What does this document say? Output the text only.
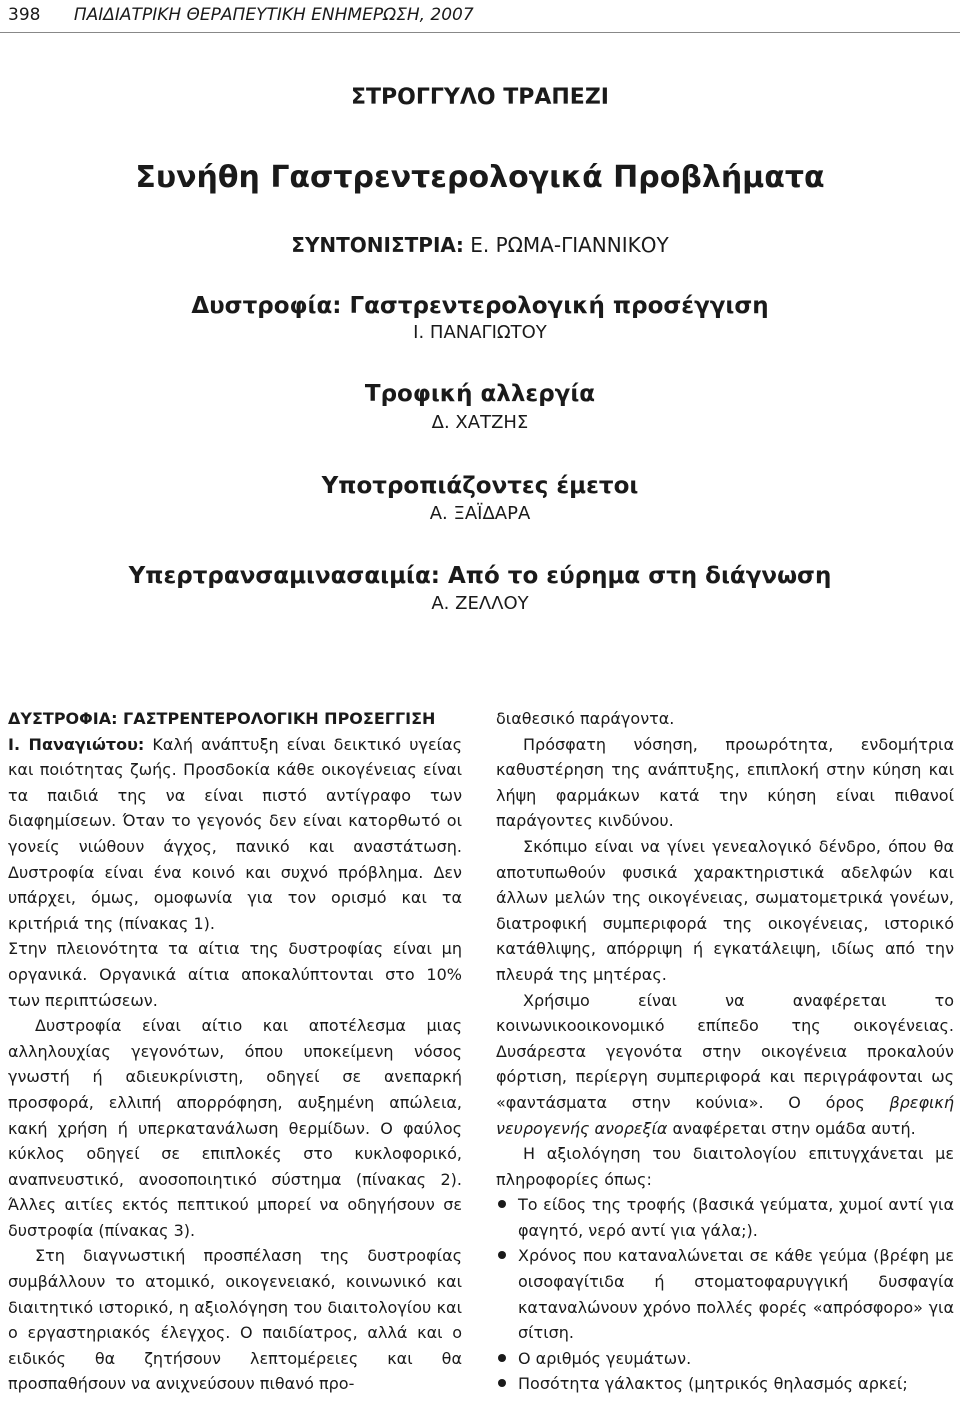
398 ΠΑΙΔΙΑΤΡΙΚΗ ΘΕΡΑΠΕΥΤΙΚΗ ΕΝΗΜΕΡΩΣΗ, 2007
ΣΤΡΟΓΓΥΛΟ ΤΡΑΠΕΖΙ
Συνήθη Γαστρεντερολογικά Προβλήματα
ΣΥΝΤΟΝΙΣΤΡΙΑ: Ε. ΡΩΜΑ-ΓΙΑΝΝΙΚΟΥ
Δυστροφία: Γαστρεντερολογική προσέγγιση
Ι. ΠΑΝΑΓΙΩΤΟΥ
Τροφική αλλεργία
Δ. ΧΑΤΖΗΣ
Υποτροπιάζοντες έμετοι
Α. ΞΑΪΔΑΡΑ
Υπερτρανσαμινασαιμία: Από το εύρημα στη διάγνωση
Α. ΖΕΛΛΟΥ

ΔΥΣΤΡΟΦΙΑ: ΓΑΣΤΡΕΝΤΕΡΟΛΟΓΙΚΗ ΠΡΟΣΕΓΓΙΣΗ

Ι. Παναγιώτου: Καλή ανάπτυξη είναι δεικτικό υγείας και ποιότητας ζωής. Προσδοκία κάθε οικογένειας είναι τα παιδιά της να είναι πιστό αντίγραφο των διαφημίσεων. Όταν το γεγονός δεν είναι κατορθωτό οι γονείς νιώθουν άγχος, πανικό και αναστάτωση. Δυστροφία είναι ένα κοινό και συχνό πρόβλημα. Δεν υπάρχει, όμως, ομοφωνία για τον ορισμό και τα κριτήριά της (πίνακας 1).

Στην πλειονότητα τα αίτια της δυστροφίας είναι μη οργανικά. Οργανικά αίτια αποκαλύπτονται στο 10% των περιπτώσεων.

Δυστροφία είναι αίτιο και αποτέλεσμα μιας αλληλουχίας γεγονότων, όπου υποκείμενη νόσος γνωστή ή αδιευκρίνιστη, οδηγεί σε ανεπαρκή προσφορά, ελλιπή απορρόφηση, αυξημένη απώλεια, κακή χρήση ή υπερκατανάλωση θερμίδων. Ο φαύλος κύκλος οδηγεί σε επιπλοκές στο κυκλοφορικό, αναπνευστικό, ανοσοποιητικό σύστημα (πίνακας 2). Άλλες αιτίες εκτός πεπτικού μπορεί να οδηγήσουν σε δυστροφία (πίνακας 3).

Στη διαγνωστική προσπέλαση της δυστροφίας συμβάλλουν το ατομικό, οικογενειακό, κοινωνικό και διαιτητικό ιστορικό, η αξιολόγηση του διαιτολογίου και ο εργαστηριακός έλεγχος. Ο παιδίατρος, αλλά και ο ειδικός θα ζητήσουν λεπτομέρειες και θα προσπαθήσουν να ανιχνεύσουν πιθανό προ-

διαθεσικό παράγοντα.

Πρόσφατη νόσηση, προωρότητα, ενδομήτρια καθυστέρηση της ανάπτυξης, επιπλοκή στην κύηση και λήψη φαρμάκων κατά την κύηση είναι πιθανοί παράγοντες κινδύνου.

Σκόπιμο είναι να γίνει γενεαλογικό δένδρο, όπου θα αποτυπωθούν φυσικά χαρακτηριστικά αδελφών και άλλων μελών της οικογένειας, σωματομετρικά γονέων, διατροφική συμπεριφορά της οικογένειας, ιστορικό κατάθλιψης, απόρριψη ή εγκατάλειψη, ιδίως από την πλευρά της μητέρας.

Χρήσιμο είναι να αναφέρεται το κοινωνικοοικονομικό επίπεδο της οικογένειας. Δυσάρεστα γεγονότα στην οικογένεια προκαλούν φόρτιση, περίεργη συμπεριφορά και περιγράφονται ως «φαντάσματα στην κούνια». Ο όρος βρεφική νευρογενής ανορεξία αναφέρεται στην ομάδα αυτή.

Η αξιολόγηση του διαιτολογίου επιτυγχάνεται με πληροφορίες όπως:

Το είδος της τροφής (βασικά γεύματα, χυμοί αντί για φαγητό, νερό αντί για γάλα;).
Χρόνος που καταναλώνεται σε κάθε γεύμα (βρέφη με οισοφαγίτιδα ή στοματοφαρυγγική δυσφαγία καταναλώνουν χρόνο πολλές φορές «απρόσφορο» για σίτιση.
Ο αριθμός γευμάτων.
Ποσότητα γάλακτος (μητρικός θηλασμός αρκεί;
